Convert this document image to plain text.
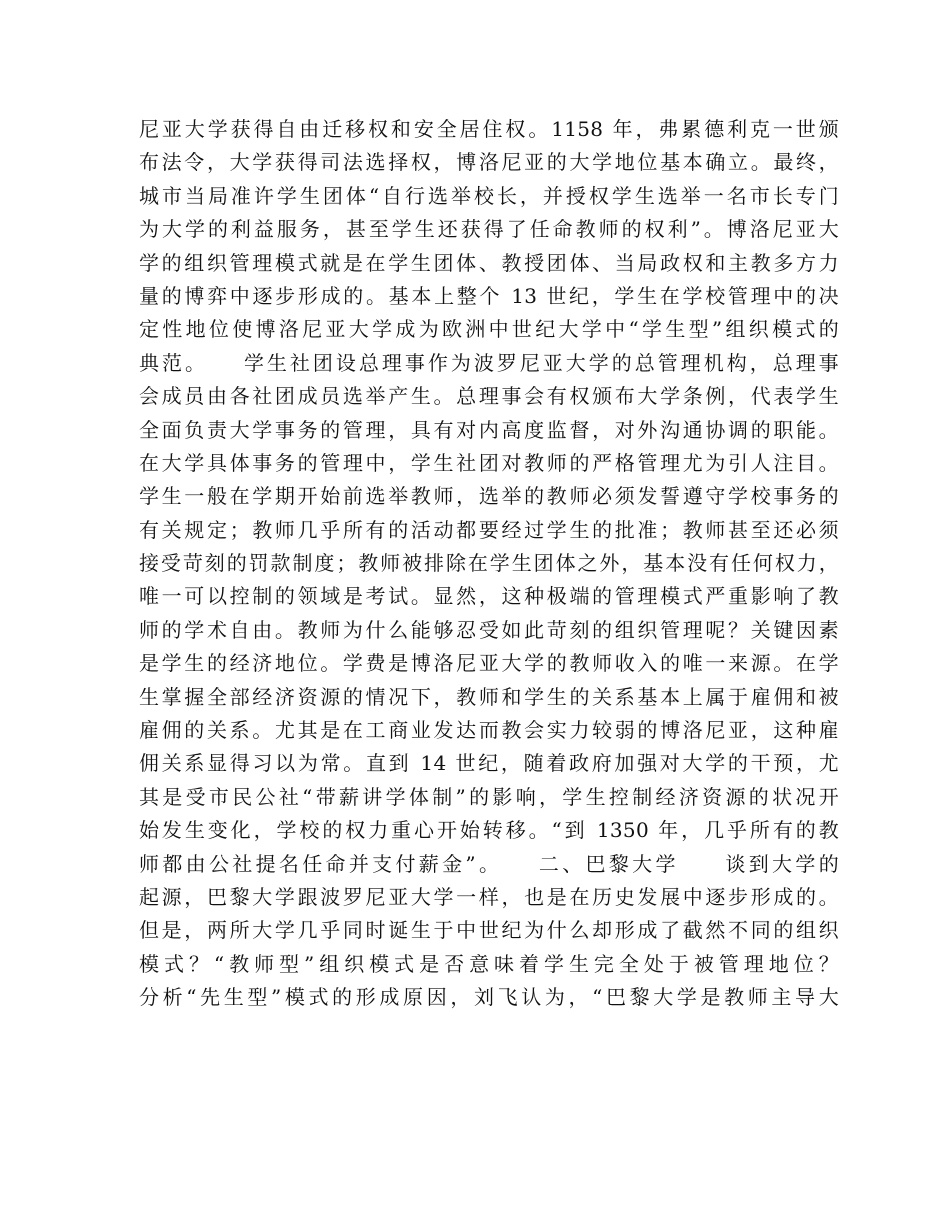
尼亚大学获得自由迁移权和安全居住权。1158 年，弗累德利克一世颁
布法令，大学获得司法选择权，博洛尼亚的大学地位基本确立。最终，
城市当局准许学生团体“自行选举校长，并授权学生选举一名市长专门
为大学的利益服务，甚至学生还获得了任命教师的权利”。博洛尼亚大
学的组织管理模式就是在学生团体、教授团体、当局政权和主教多方力
量的博弈中逐步形成的。基本上整个 13 世纪，学生在学校管理中的决
定性地位使博洛尼亚大学成为欧洲中世纪大学中“学生型”组织模式的
典范。　　学生社团设总理事作为波罗尼亚大学的总管理机构，总理事
会成员由各社团成员选举产生。总理事会有权颁布大学条例，代表学生
全面负责大学事务的管理，具有对内高度监督，对外沟通协调的职能。
在大学具体事务的管理中，学生社团对教师的严格管理尤为引人注目。
学生一般在学期开始前选举教师，选举的教师必须发誓遵守学校事务的
有关规定；教师几乎所有的活动都要经过学生的批准；教师甚至还必须
接受苛刻的罚款制度；教师被排除在学生团体之外，基本没有任何权力，
唯一可以控制的领域是考试。显然，这种极端的管理模式严重影响了教
师的学术自由。教师为什么能够忍受如此苛刻的组织管理呢？关键因素
是学生的经济地位。学费是博洛尼亚大学的教师收入的唯一来源。在学
生掌握全部经济资源的情况下，教师和学生的关系基本上属于雇佣和被
雇佣的关系。尤其是在工商业发达而教会实力较弱的博洛尼亚，这种雇
佣关系显得习以为常。直到 14 世纪，随着政府加强对大学的干预，尤
其是受市民公社“带薪讲学体制”的影响，学生控制经济资源的状况开
始发生变化，学校的权力重心开始转移。“到 1350 年，几乎所有的教
师都由公社提名任命并支付薪金”。　　二、巴黎大学　　谈到大学的
起源，巴黎大学跟波罗尼亚大学一样，也是在历史发展中逐步形成的。
但是，两所大学几乎同时诞生于中世纪为什么却形成了截然不同的组织
模式？“教师型”组织模式是否意味着学生完全处于被管理地位？
分析“先生型”模式的形成原因，刘飞认为，“巴黎大学是教师主导大
